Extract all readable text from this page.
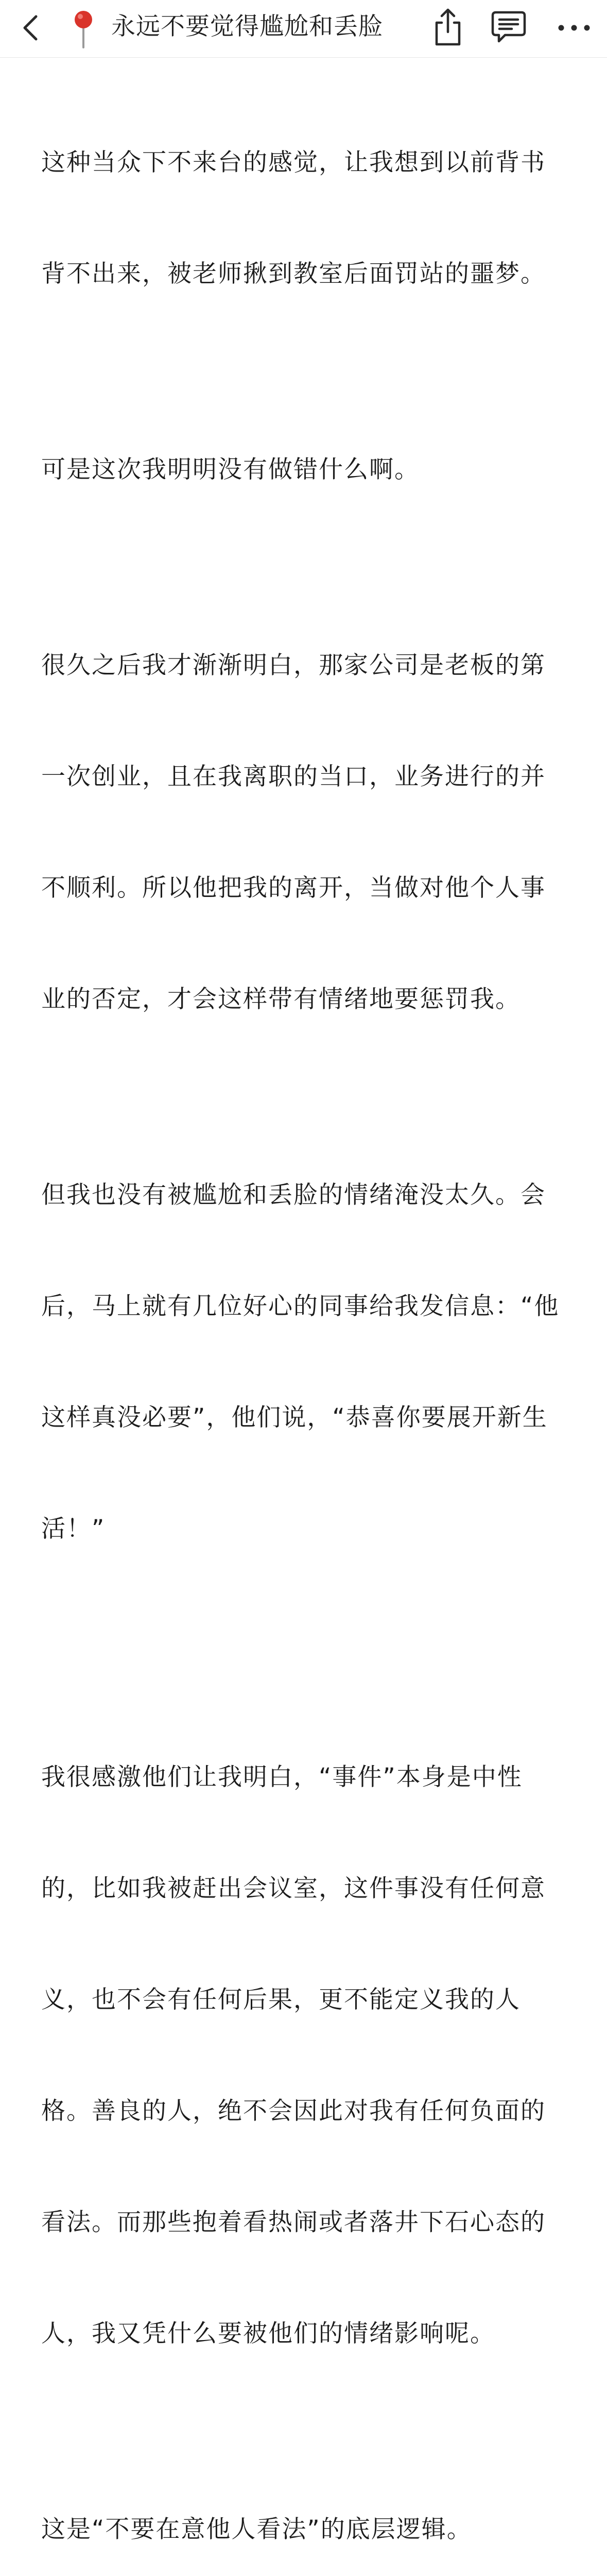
永远不要觉得尴尬和丢脸

这种当众下不来台的感觉，让我想到以前背书

背不出来，被老师揪到教室后面罚站的噩梦。

可是这次我明明没有做错什么啊。

很久之后我才渐渐明白，那家公司是老板的第

一次创业，且在我离职的当口，业务进行的并

不顺利。所以他把我的离开，当做对他个人事

业的否定，才会这样带有情绪地要惩罚我。

但我也没有被尴尬和丢脸的情绪淹没太久。会

后，马上就有几位好心的同事给我发信息：“他

这样真没必要”，他们说，“恭喜你要展开新生

活！”

我很感激他们让我明白，“事件”本身是中性

的，比如我被赶出会议室，这件事没有任何意

义，也不会有任何后果，更不能定义我的人

格。善良的人，绝不会因此对我有任何负面的

看法。而那些抱着看热闹或者落井下石心态的

人，我又凭什么要被他们的情绪影响呢。

这是“不要在意他人看法”的底层逻辑。
